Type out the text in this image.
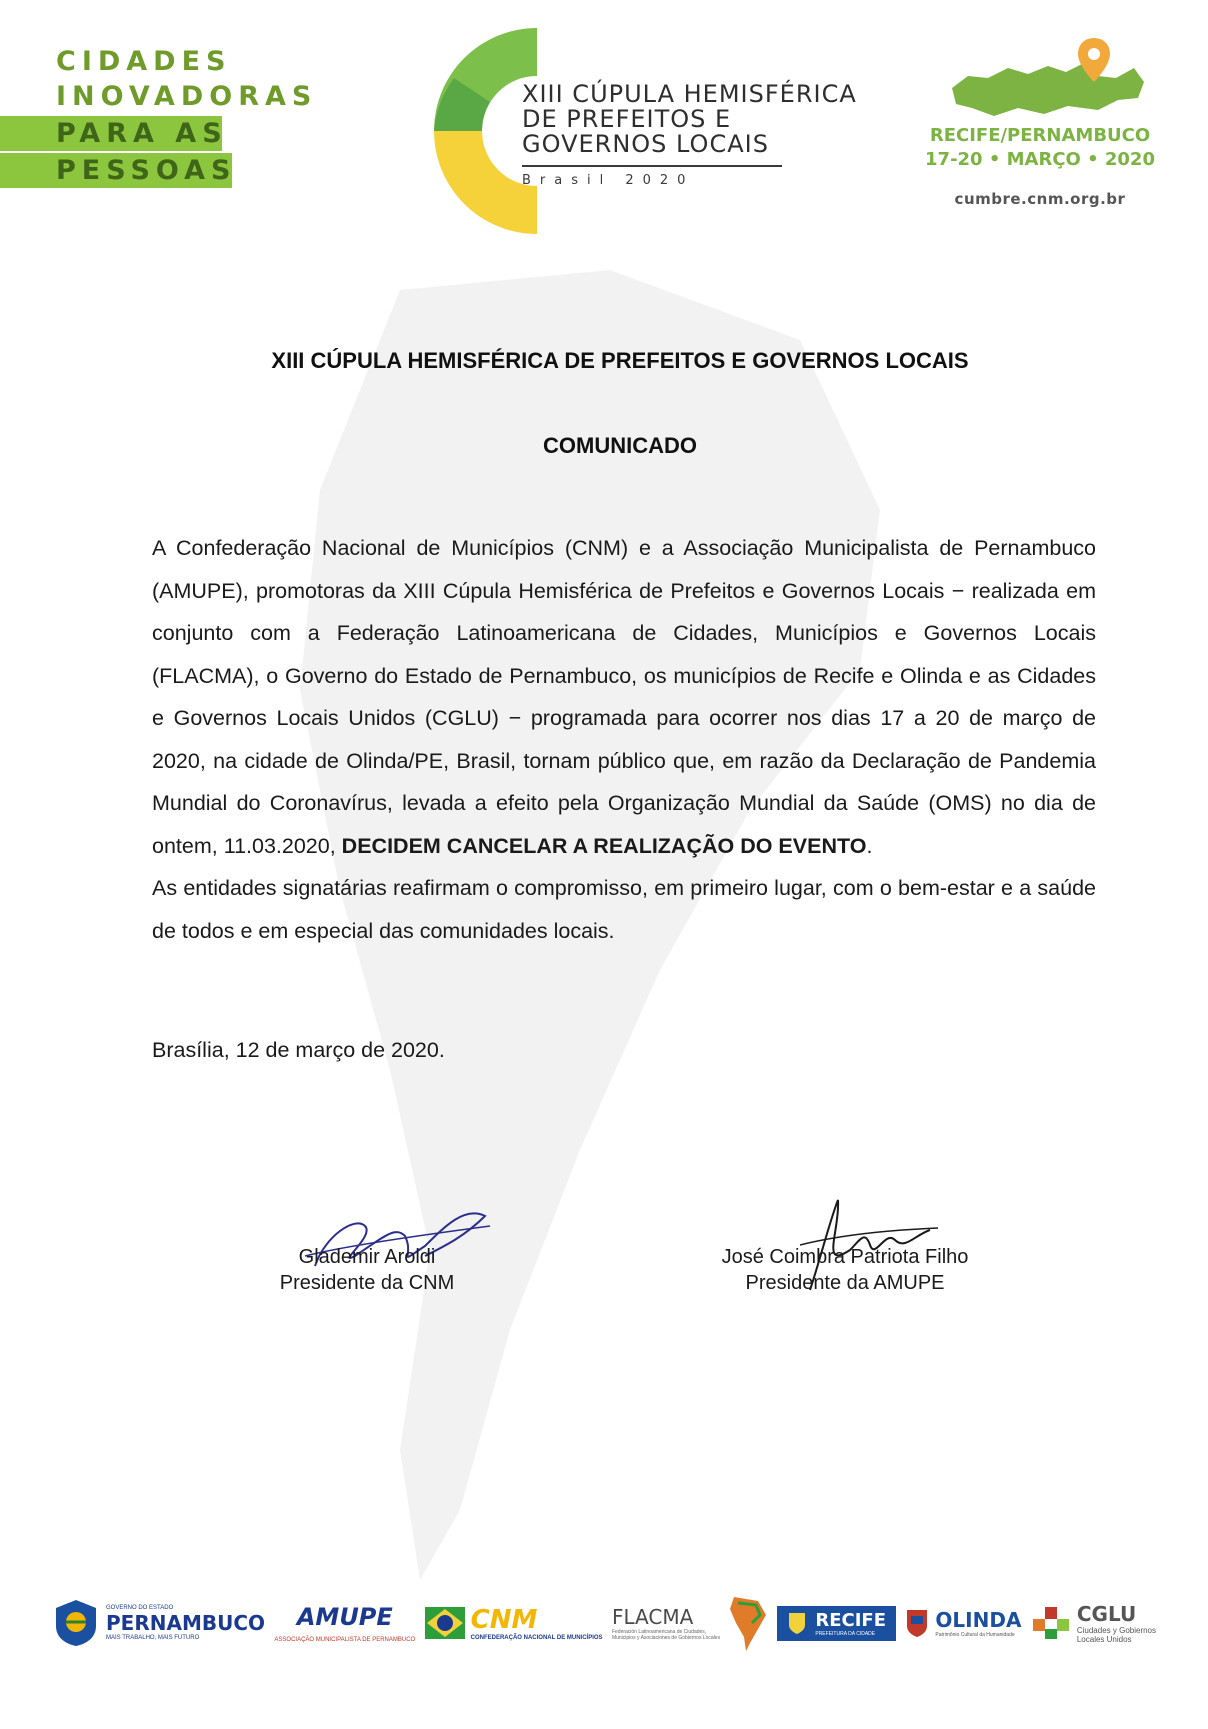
CIDADES
INOVADORAS
PARA AS
PESSOAS
XIII CÚPULA HEMISFÉRICA
DE PREFEITOS E
GOVERNOS LOCAIS
Brasil 2020
RECIFE/PERNAMBUCO
17-20 • MARÇO • 2020
cumbre.cnm.org.br
XIII CÚPULA HEMISFÉRICA DE PREFEITOS E GOVERNOS LOCAIS
COMUNICADO

A Confederação Nacional de Municípios (CNM) e a Associação Municipalista de Pernambuco (AMUPE), promotoras da XIII Cúpula Hemisférica de Prefeitos e Governos Locais − realizada em conjunto com a Federação Latinoamericana de Cidades, Municípios e Governos Locais (FLACMA), o Governo do Estado de Pernambuco, os municípios de Recife e Olinda e as Cidades e Governos Locais Unidos (CGLU) − programada para ocorrer nos dias 17 a 20 de março de 2020, na cidade de Olinda/PE, Brasil, tornam público que, em razão da Declaração de Pandemia Mundial do Coronavírus, levada a efeito pela Organização Mundial da Saúde (OMS) no dia de ontem, 11.03.2020, DECIDEM CANCELAR A REALIZAÇÃO DO EVENTO.

As entidades signatárias reafirmam o compromisso, em primeiro lugar, com o bem-estar e a saúde de todos e em especial das comunidades locais.

Brasília, 12 de março de 2020.
Glademir Aroldi
Presidente da CNM
José Coimbra Patriota Filho
Presidente da AMUPE
GOVERNO DO ESTADO
PERNAMBUCO
MAIS TRABALHO, MAIS FUTURO
AMUPE
ASSOCIAÇÃO MUNICIPALISTA DE PERNAMBUCO
CNM
CONFEDERAÇÃO NACIONAL DE MUNICÍPIOS
FLACMA
Federación Latinoamericana de Ciudades, Municipios y Asociaciones de Gobiernos Locales
RECIFE
PREFEITURA DA CIDADE
OLINDA
Patrimônio Cultural da Humanidade
CGLU
Ciudades y Gobiernos
Locales Unidos
